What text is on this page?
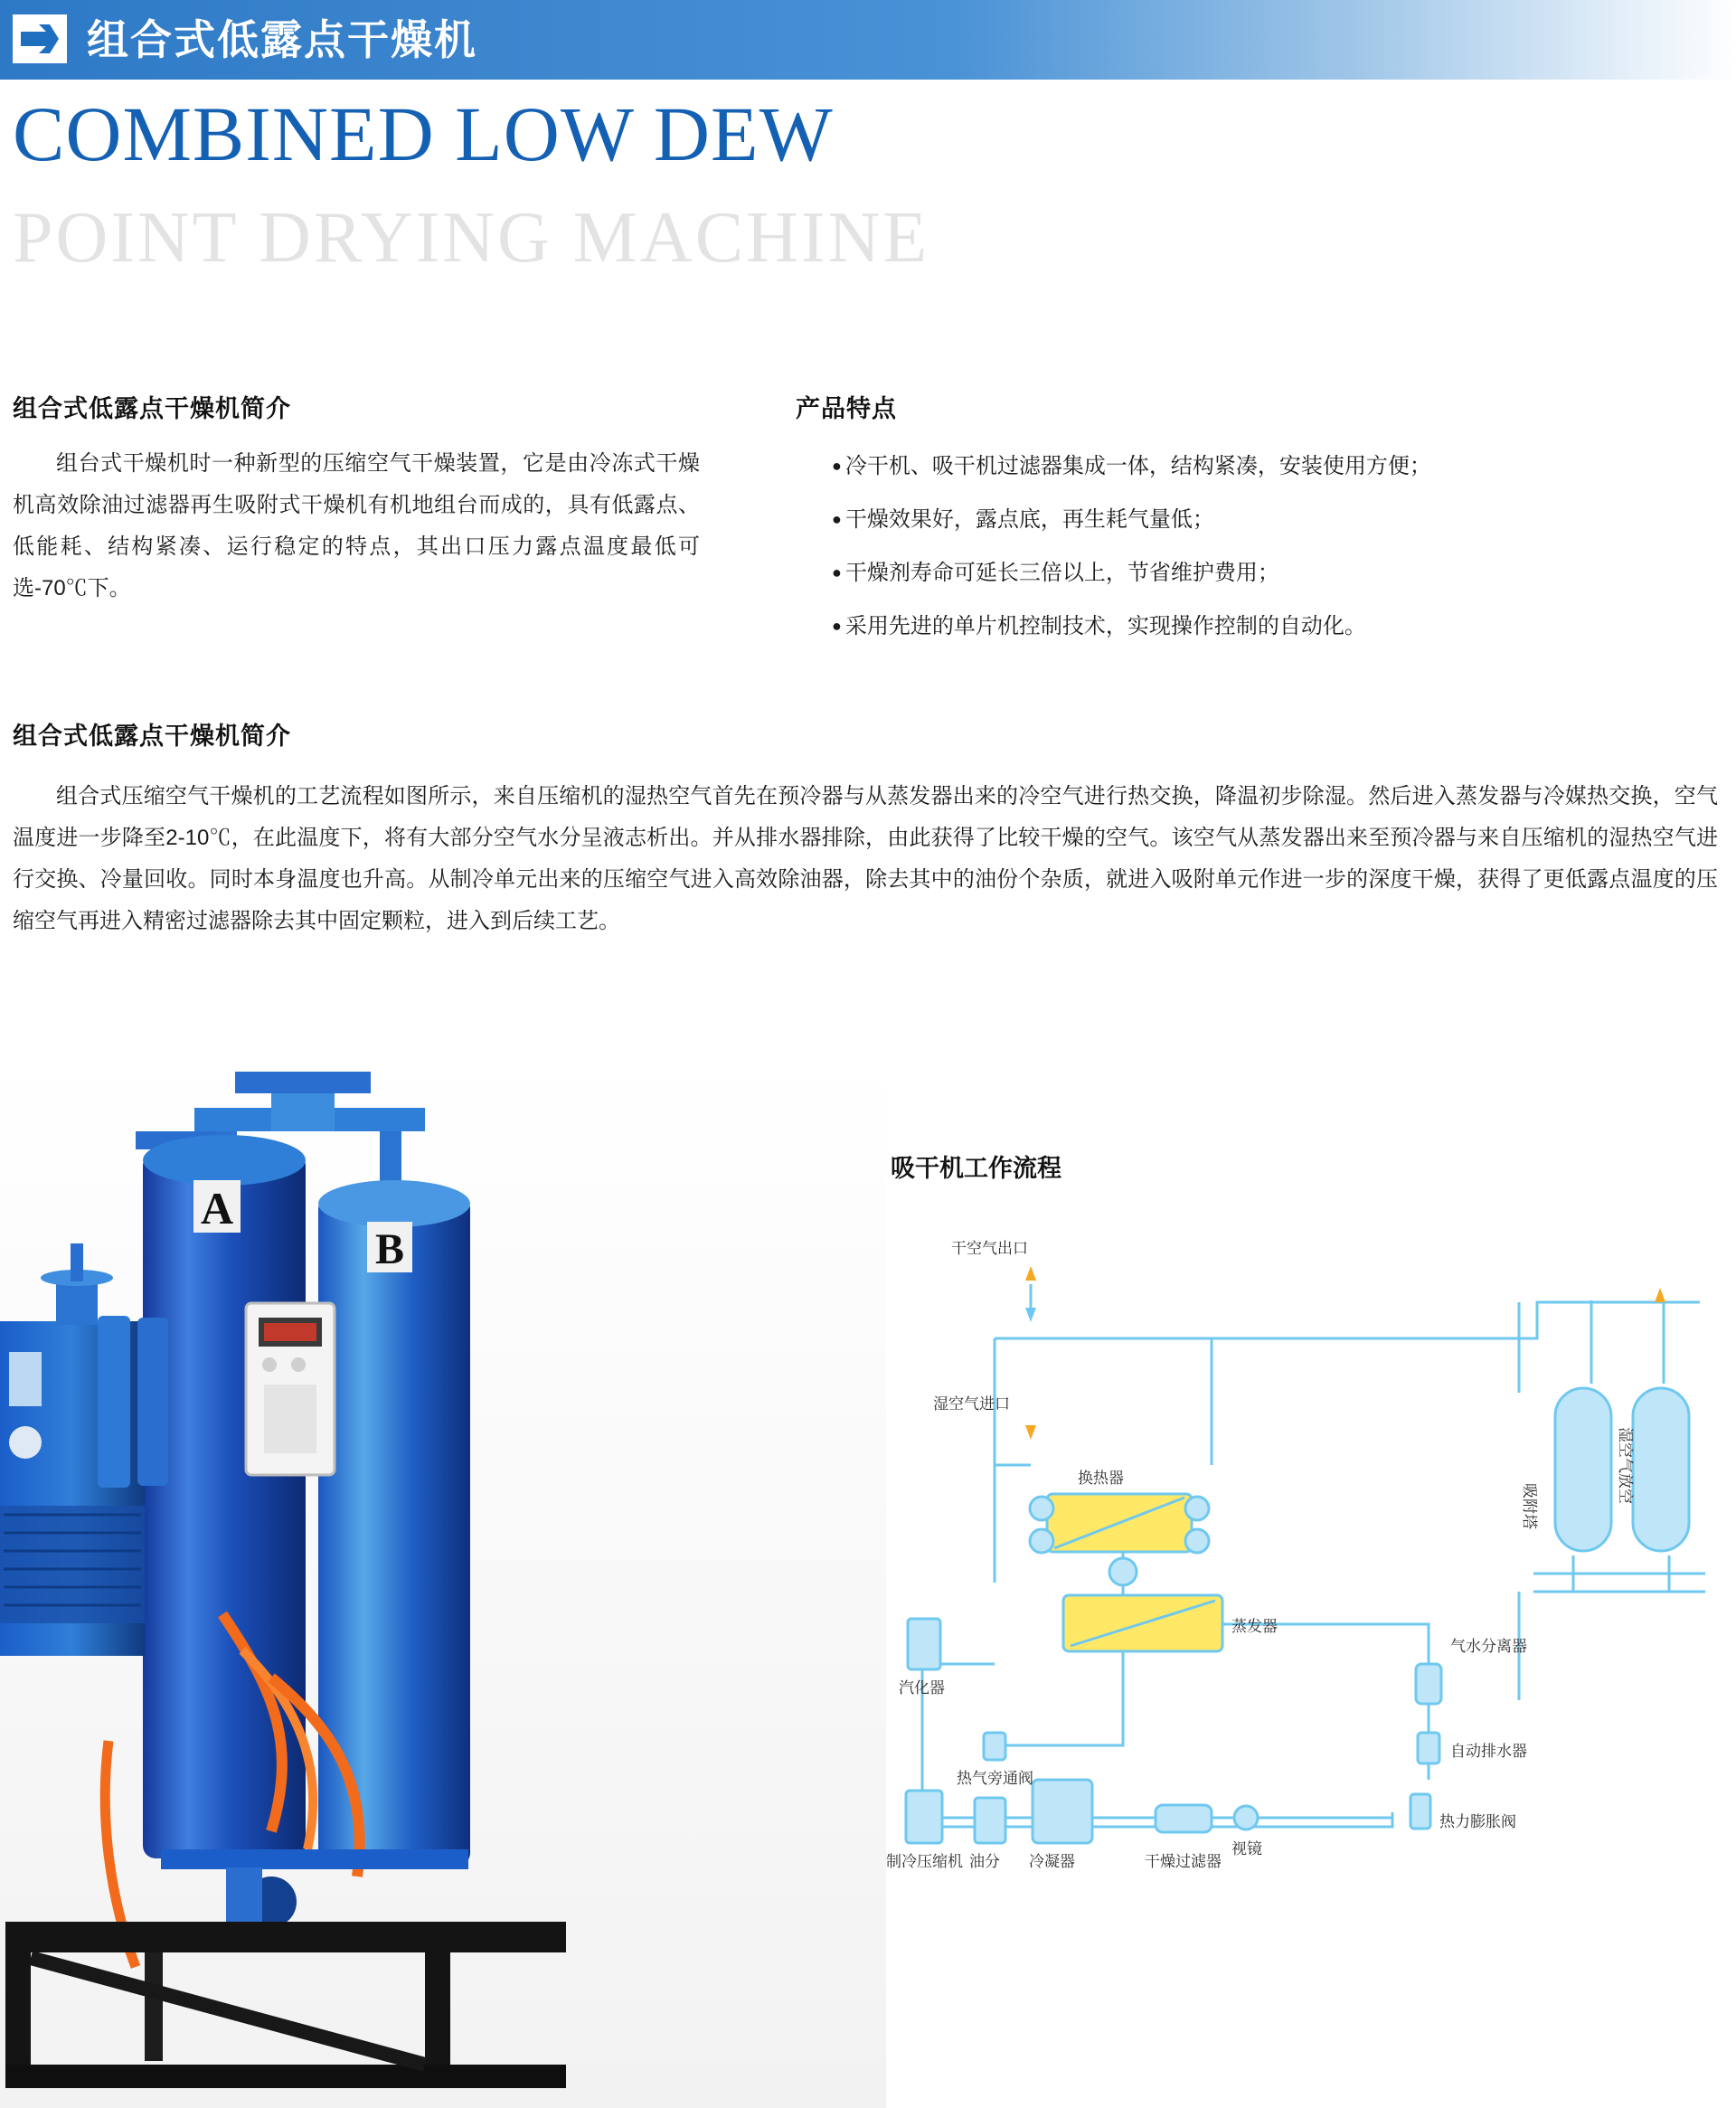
组合式低露点干燥机
COMBINED LOW DEW
POINT DRYING MACHINE
组合式低露点干燥机简介
组台式干燥机时一种新型的压缩空气干燥装置，它是由冷冻式干燥机高效除油过滤器再生吸附式干燥机有机地组台而成的，具有低露点、低能耗、结构紧凑、运行稳定的特点，其出口压力露点温度最低可选-70℃下。
产品特点
● 冷干机、吸干机过滤器集成一体，结构紧凑，安装使用方便；
● 干燥效果好，露点底，再生耗气量低；
● 干燥剂寿命可延长三倍以上，节省维护费用；
● 采用先进的单片机控制技术，实现操作控制的自动化。
组合式低露点干燥机简介
组合式压缩空气干燥机的工艺流程如图所示，来自压缩机的湿热空气首先在预冷器与从蒸发器出来的冷空气进行热交换，降温初步除湿。然后进入蒸发器与冷媒热交换，空气温度进一步降至2-10℃，在此温度下，将有大部分空气水分呈液志析出。并从排水器排除，由此获得了比较干燥的空气。该空气从蒸发器出来至预冷器与来自压缩机的湿热空气进行交换、冷量回收。同时本身温度也升高。从制冷单元出来的压缩空气进入高效除油器，除去其中的油份个杂质，就进入吸附单元作进一步的深度干燥，获得了更低露点温度的压缩空气再进入精密过滤器除去其中固定颗粒，进入到后续工艺。
A
B
吸干机工作流程
干空气出口
湿空气进口
换热器
蒸发器
气水分离器
自动排水器
热力膨胀阀
视镜
干燥过滤器
冷凝器
油分
制冷压缩机
热气旁通阀
汽化器
吸附塔
湿空气放空
